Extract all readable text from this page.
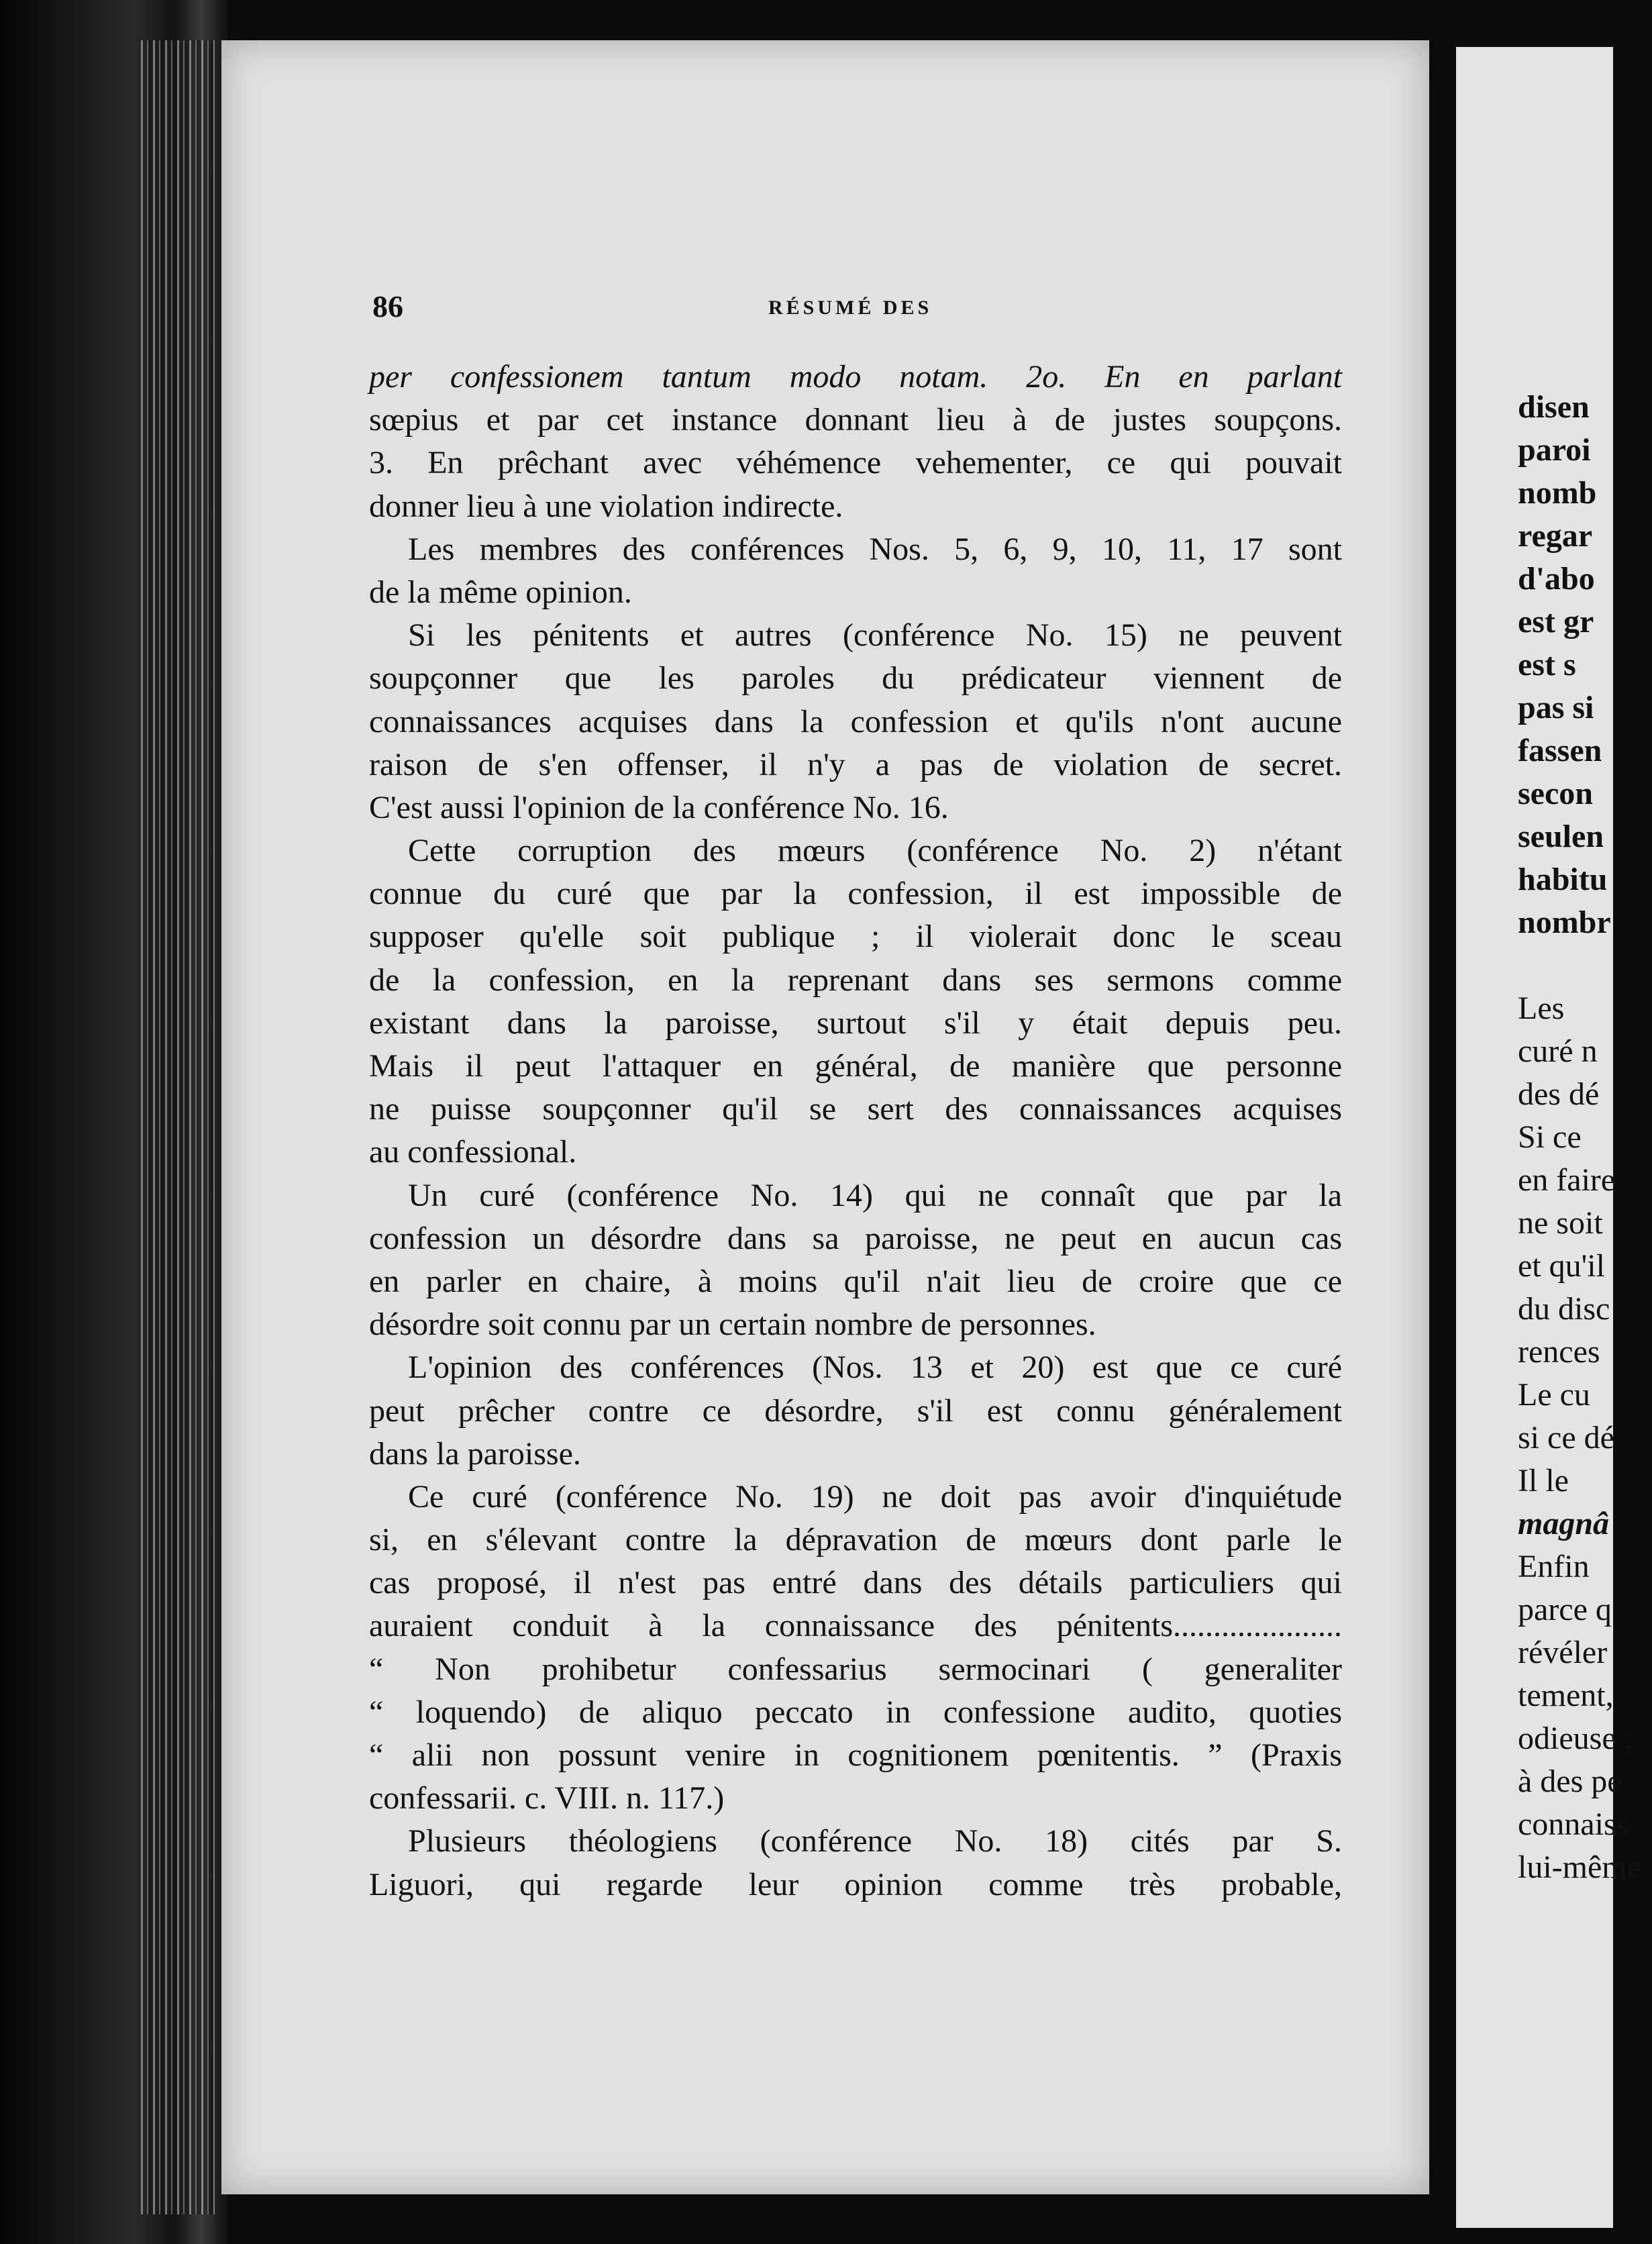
86	RÉSUMÉ DES
per confessionem tantum modo notam. 2o. En en parlant
sœpius et par cet instance donnant lieu à de justes soupçons.
3. En prêchant avec véhémence vehementer, ce qui pouvait
donner lieu à une violation indirecte.
Les membres des conférences Nos. 5, 6, 9, 10, 11, 17 sont
de la même opinion.
Si les pénitents et autres (conférence No. 15) ne peuvent
soupçonner que les paroles du prédicateur viennent de
connaissances acquises dans la confession et qu'ils n'ont aucune
raison de s'en offenser, il n'y a pas de violation de secret.
C'est aussi l'opinion de la conférence No. 16.
Cette corruption des mœurs (conférence No. 2) n'étant
connue du curé que par la confession, il est impossible de
supposer qu'elle soit publique ; il violerait donc le sceau
de la confession, en la reprenant dans ses sermons comme
existant dans la paroisse, surtout s'il y était depuis peu.
Mais il peut l'attaquer en général, de manière que personne
ne puisse soupçonner qu'il se sert des connaissances acquises
au confessional.
Un curé (conférence No. 14) qui ne connaît que par la
confession un désordre dans sa paroisse, ne peut en aucun cas
en parler en chaire, à moins qu'il n'ait lieu de croire que ce
désordre soit connu par un certain nombre de personnes.
L'opinion des conférences (Nos. 13 et 20) est que ce curé
peut prêcher contre ce désordre, s'il est connu généralement
dans la paroisse.
Ce curé (conférence No. 19) ne doit pas avoir d'inquiétude
si, en s'élevant contre la dépravation de mœurs dont parle le
cas proposé, il n'est pas entré dans des détails particuliers qui
auraient conduit à la connaissance des pénitents.....................
“ Non prohibetur confessarius sermocinari ( generaliter
“ loquendo) de aliquo peccato in confessione audito, quoties
“ alii non possunt venire in cognitionem pœnitentis. ” (Praxis
confessarii. c. VIII. n. 117.)
Plusieurs théologiens (conférence No. 18) cités par S.
Liguori, qui regarde leur opinion comme très probable,
disen
paroi
nomb
regar
d'abo
est gr
est s
pas si
fassen
secon
seulen
habitu
nombr
Les
curé n
des dé
Si ce
en faire
ne soit
et qu'il
du disc
rences
Le cu
si ce dé
Il le
magnâ
Enfin
parce q
révéler
tement,
odieuse ;
à des pe
connaiss
lui-même
